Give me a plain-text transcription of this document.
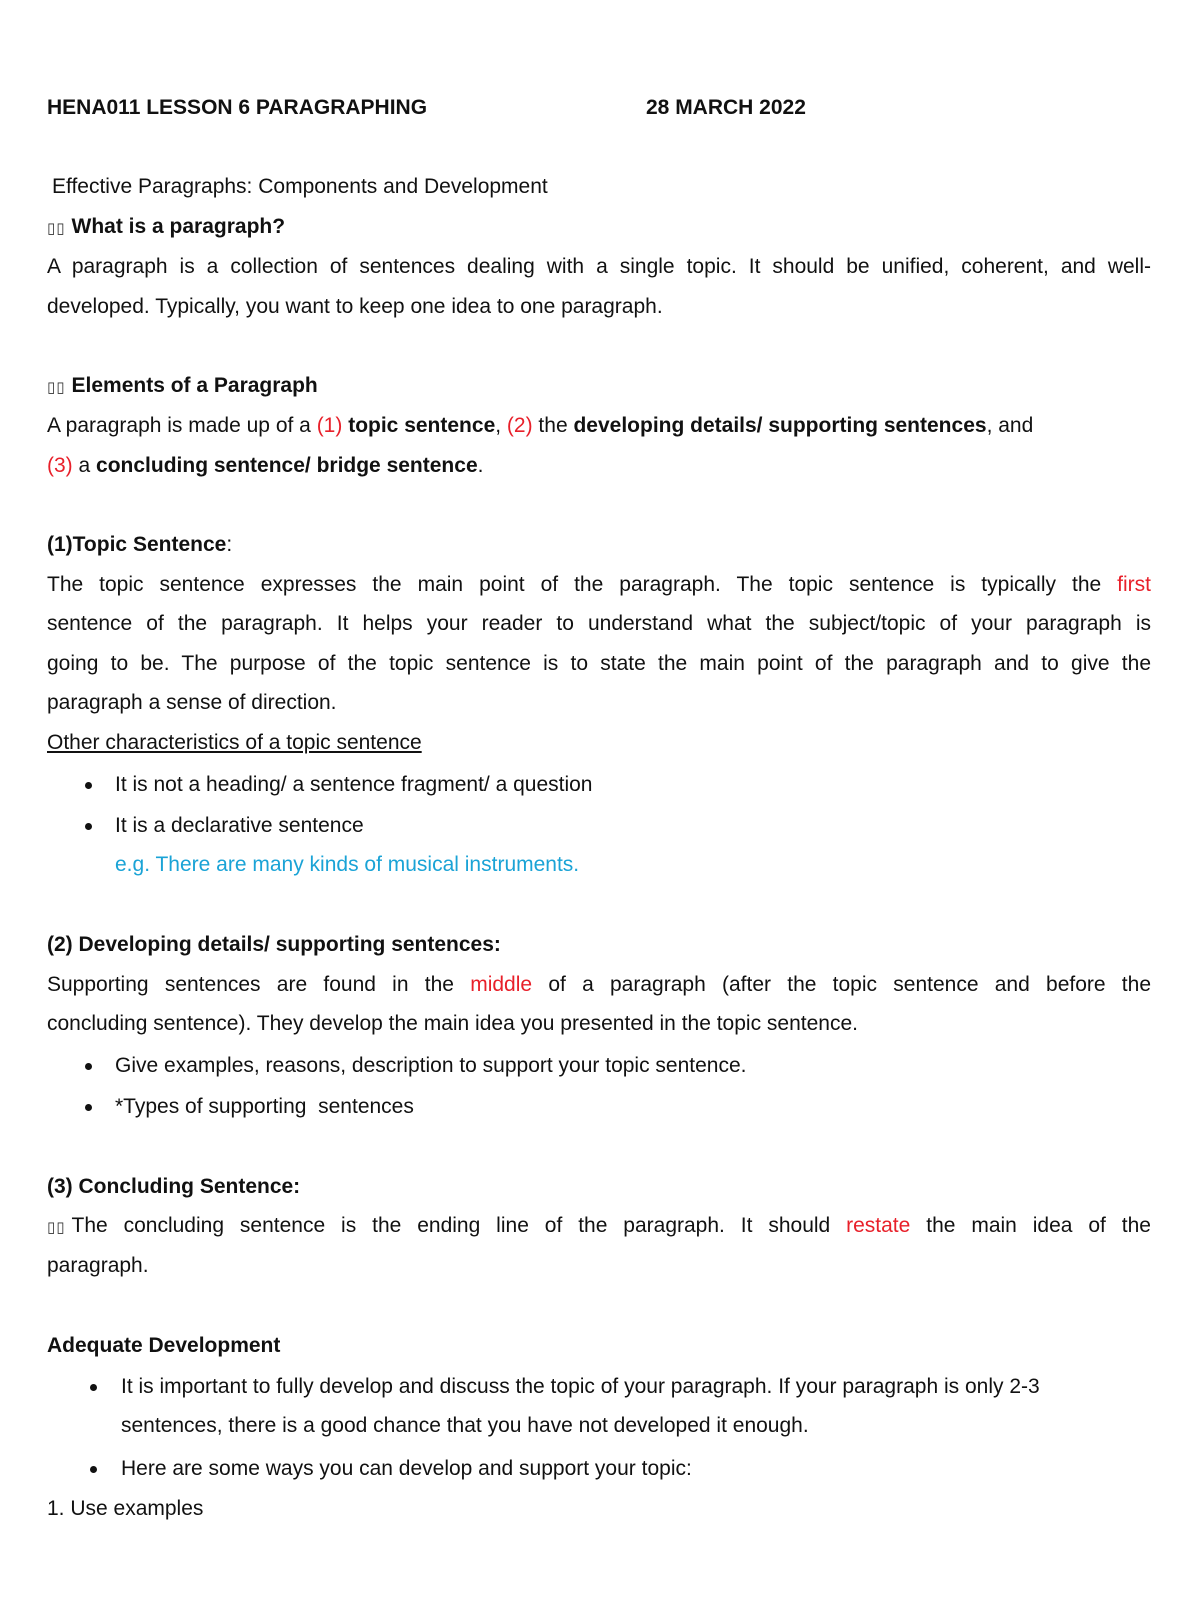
HENA011 LESSON 6 PARAGRAPHING	28 MARCH 2022
Effective Paragraphs: Components and Development
▯▯ What is a paragraph?
A paragraph is a collection of sentences dealing with a single topic. It should be unified, coherent, and well-
developed. Typically, you want to keep one idea to one paragraph.
▯▯ Elements of a Paragraph
A paragraph is made up of a (1) topic sentence, (2) the developing details/ supporting sentences, and
(3) a concluding sentence/ bridge sentence.
(1)Topic Sentence:
The topic sentence expresses the main point of the paragraph. The topic sentence is typically the first
sentence of the paragraph. It helps your reader to understand what the subject/topic of your paragraph is
going to be. The purpose of the topic sentence is to state the main point of the paragraph and to give the
paragraph a sense of direction.
Other characteristics of a topic sentence
It is not a heading/ a sentence fragment/ a question
It is a declarative sentence
e.g. There are many kinds of musical instruments.
(2) Developing details/ supporting sentences:
Supporting sentences are found in the middle of a paragraph (after the topic sentence and before the
concluding sentence). They develop the main idea you presented in the topic sentence.
Give examples, reasons, description to support your topic sentence.
*Types of supporting  sentences
(3) Concluding Sentence:
▯▯ The concluding sentence is the ending line of the paragraph. It should restate the main idea of the
paragraph.
Adequate Development
It is important to fully develop and discuss the topic of your paragraph. If your paragraph is only 2-3
sentences, there is a good chance that you have not developed it enough.
Here are some ways you can develop and support your topic:
1. Use examples
